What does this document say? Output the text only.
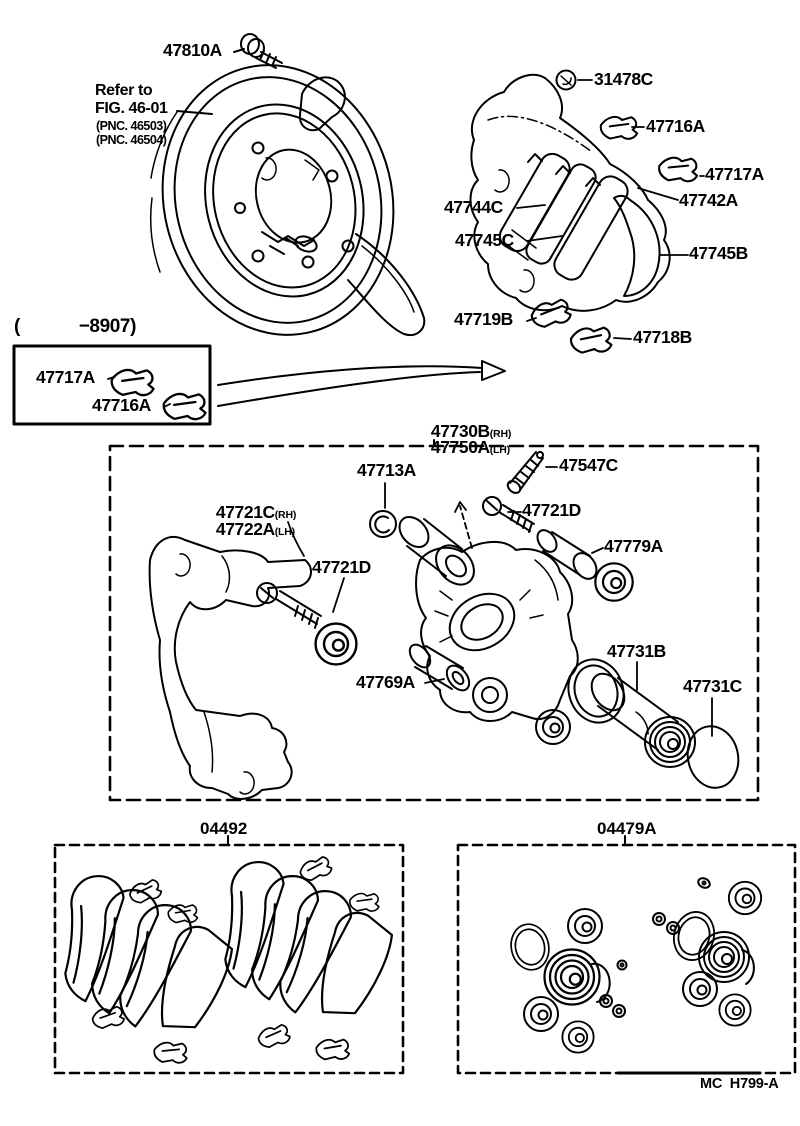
47810A
Refer to
FIG. 46-01
(PNC. 46503)
(PNC. 46504)
31478C
47716A
47717A
47742A
47744C
47745C
47745B
47719B
47718B
(	−8907)
47717A
47716A

47730B(RH)

47750A(LH)

47721C(RH)

47722A(LH)

47713A	47547C
47721D
47779A
47721D
47769A
47731B
47731C
04492	04479A
MC  H799-A
